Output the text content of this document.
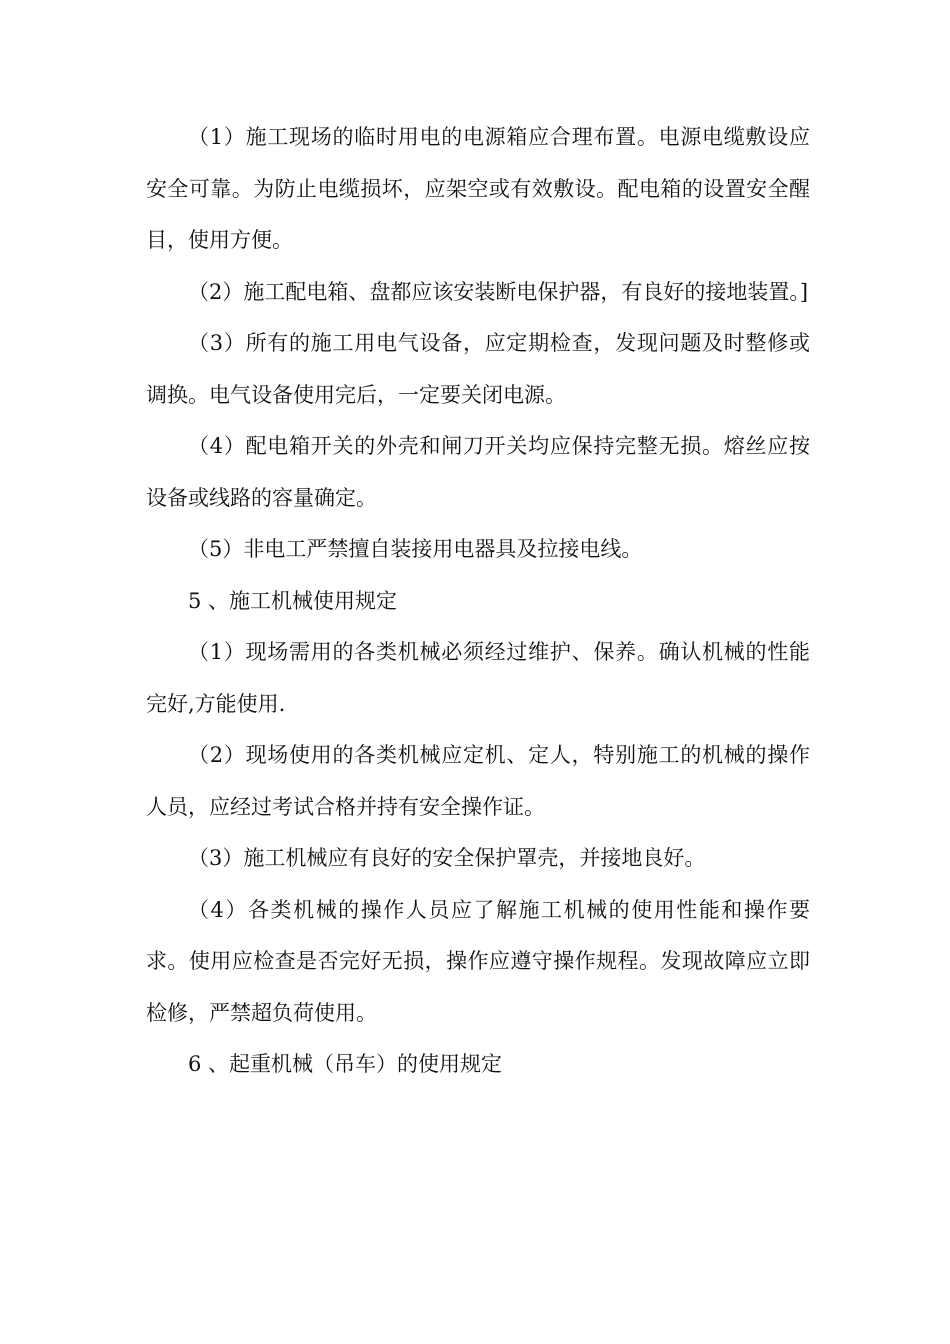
（1）施工现场的临时用电的电源箱应合理布置。电源电缆敷设应安全可靠。为防止电缆损坏，应架空或有效敷设。配电箱的设置安全醒目，使用方便。

（2）施工配电箱、盘都应该安装断电保护器，有良好的接地装置。]

（3）所有的施工用电气设备，应定期检查，发现问题及时整修或调换。电气设备使用完后，一定要关闭电源。

（4）配电箱开关的外壳和闸刀开关均应保持完整无损。熔丝应按设备或线路的容量确定。

（5）非电工严禁擅自装接用电器具及拉接电线。

5 、施工机械使用规定

（1）现场需用的各类机械必须经过维护、保养。确认机械的性能完好,方能使用.

（2）现场使用的各类机械应定机、定人，特别施工的机械的操作人员，应经过考试合格并持有安全操作证。

（3）施工机械应有良好的安全保护罩壳，并接地良好。

（4）各类机械的操作人员应了解施工机械的使用性能和操作要求。使用应检查是否完好无损，操作应遵守操作规程。发现故障应立即检修，严禁超负荷使用。

6 、起重机械（吊车）的使用规定
